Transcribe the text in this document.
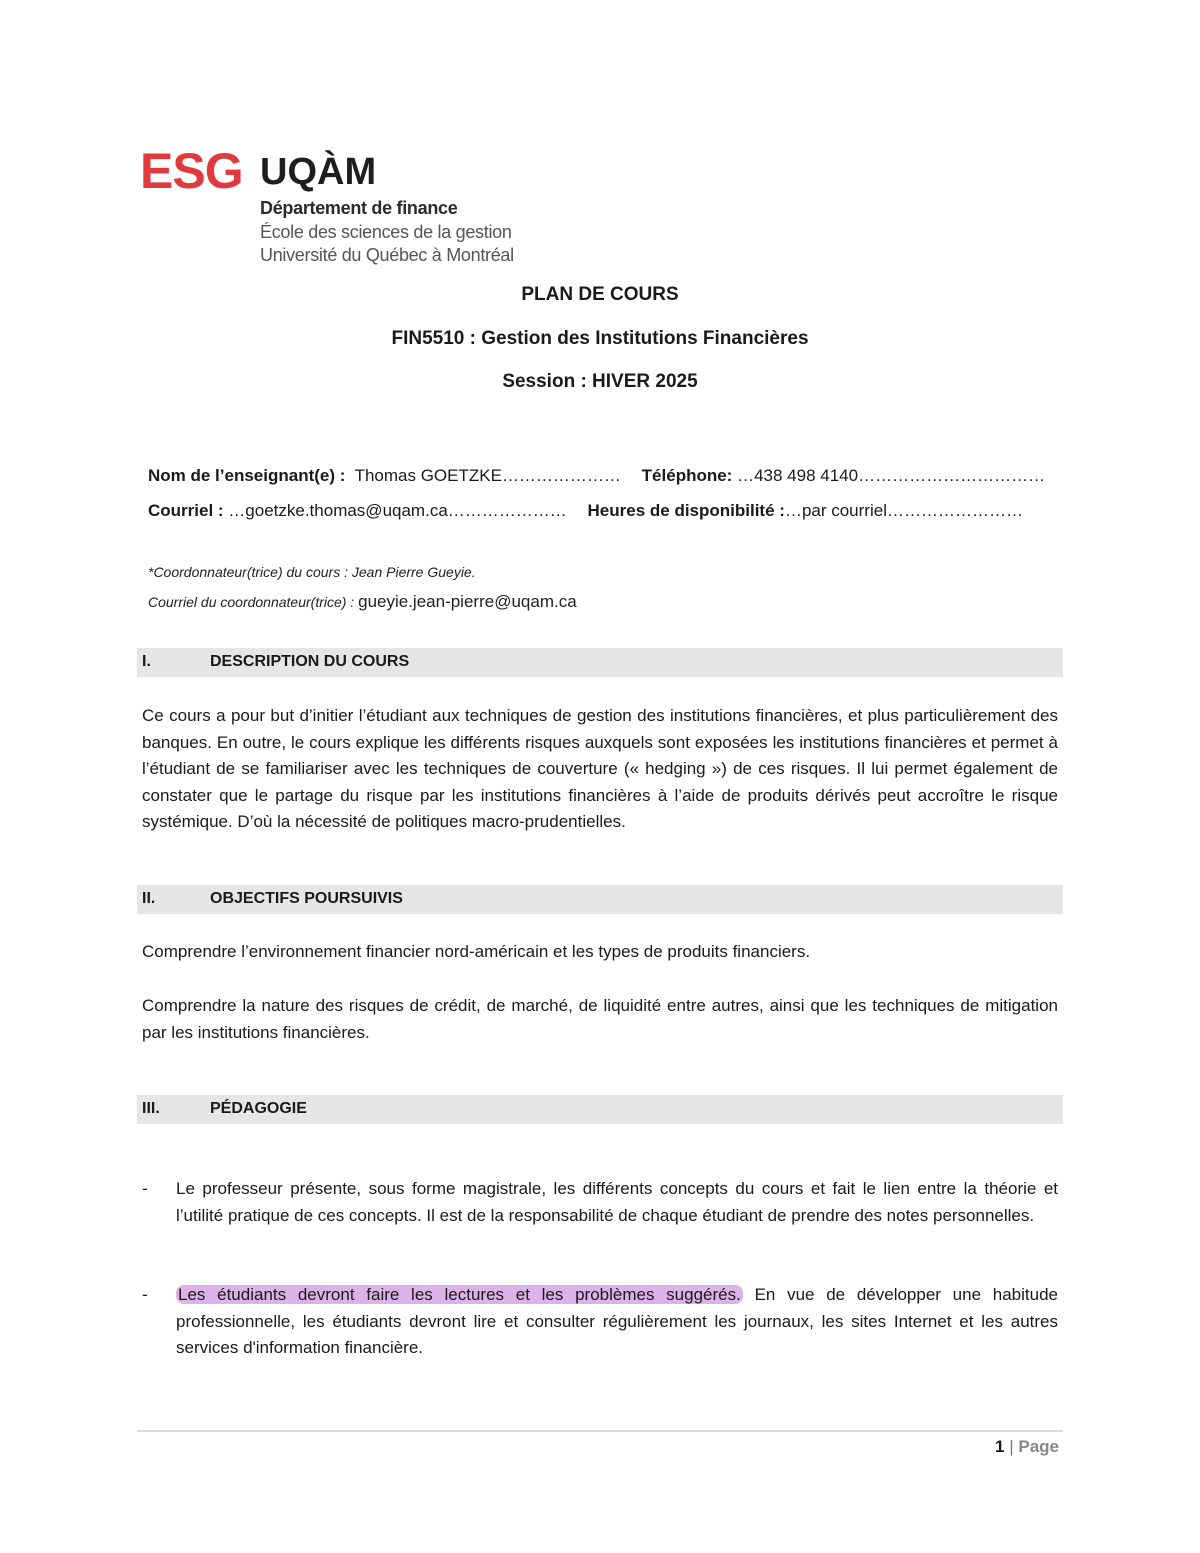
ESG UQÀM
Département de finance
École des sciences de la gestion
Université du Québec à Montréal
PLAN DE COURS
FIN5510 : Gestion des Institutions Financières
Session : HIVER 2025
Nom de l’enseignant(e) : Thomas GOETZKE………………… Téléphone: …438 498 4140……………………………
Courriel : …goetzke.thomas@uqam.ca………………… Heures de disponibilité :…par courriel……………………
*Coordonnateur(trice) du cours : Jean Pierre Gueyie.
Courriel du coordonnateur(trice) : gueyie.jean-pierre@uqam.ca
I.	DESCRIPTION DU COURS
Ce cours a pour but d’initier l’étudiant aux techniques de gestion des institutions financières, et plus particulièrement des banques. En outre, le cours explique les différents risques auxquels sont exposées les institutions financières et permet à l’étudiant de se familiariser avec les techniques de couverture (« hedging ») de ces risques. Il lui permet également de constater que le partage du risque par les institutions financières à l’aide de produits dérivés peut accroître le risque systémique. D’où la nécessité de politiques macro-prudentielles.
II.	OBJECTIFS POURSUIVIS
Comprendre l’environnement financier nord-américain et les types de produits financiers.
Comprendre la nature des risques de crédit, de marché, de liquidité entre autres, ainsi que les techniques de mitigation par les institutions financières.
III.	PÉDAGOGIE
- Le professeur présente, sous forme magistrale, les différents concepts du cours et fait le lien entre la théorie et l’utilité pratique de ces concepts. Il est de la responsabilité de chaque étudiant de prendre des notes personnelles.
- Les étudiants devront faire les lectures et les problèmes suggérés. En vue de développer une habitude professionnelle, les étudiants devront lire et consulter régulièrement les journaux, les sites Internet et les autres services d'information financière.
1 | Page
